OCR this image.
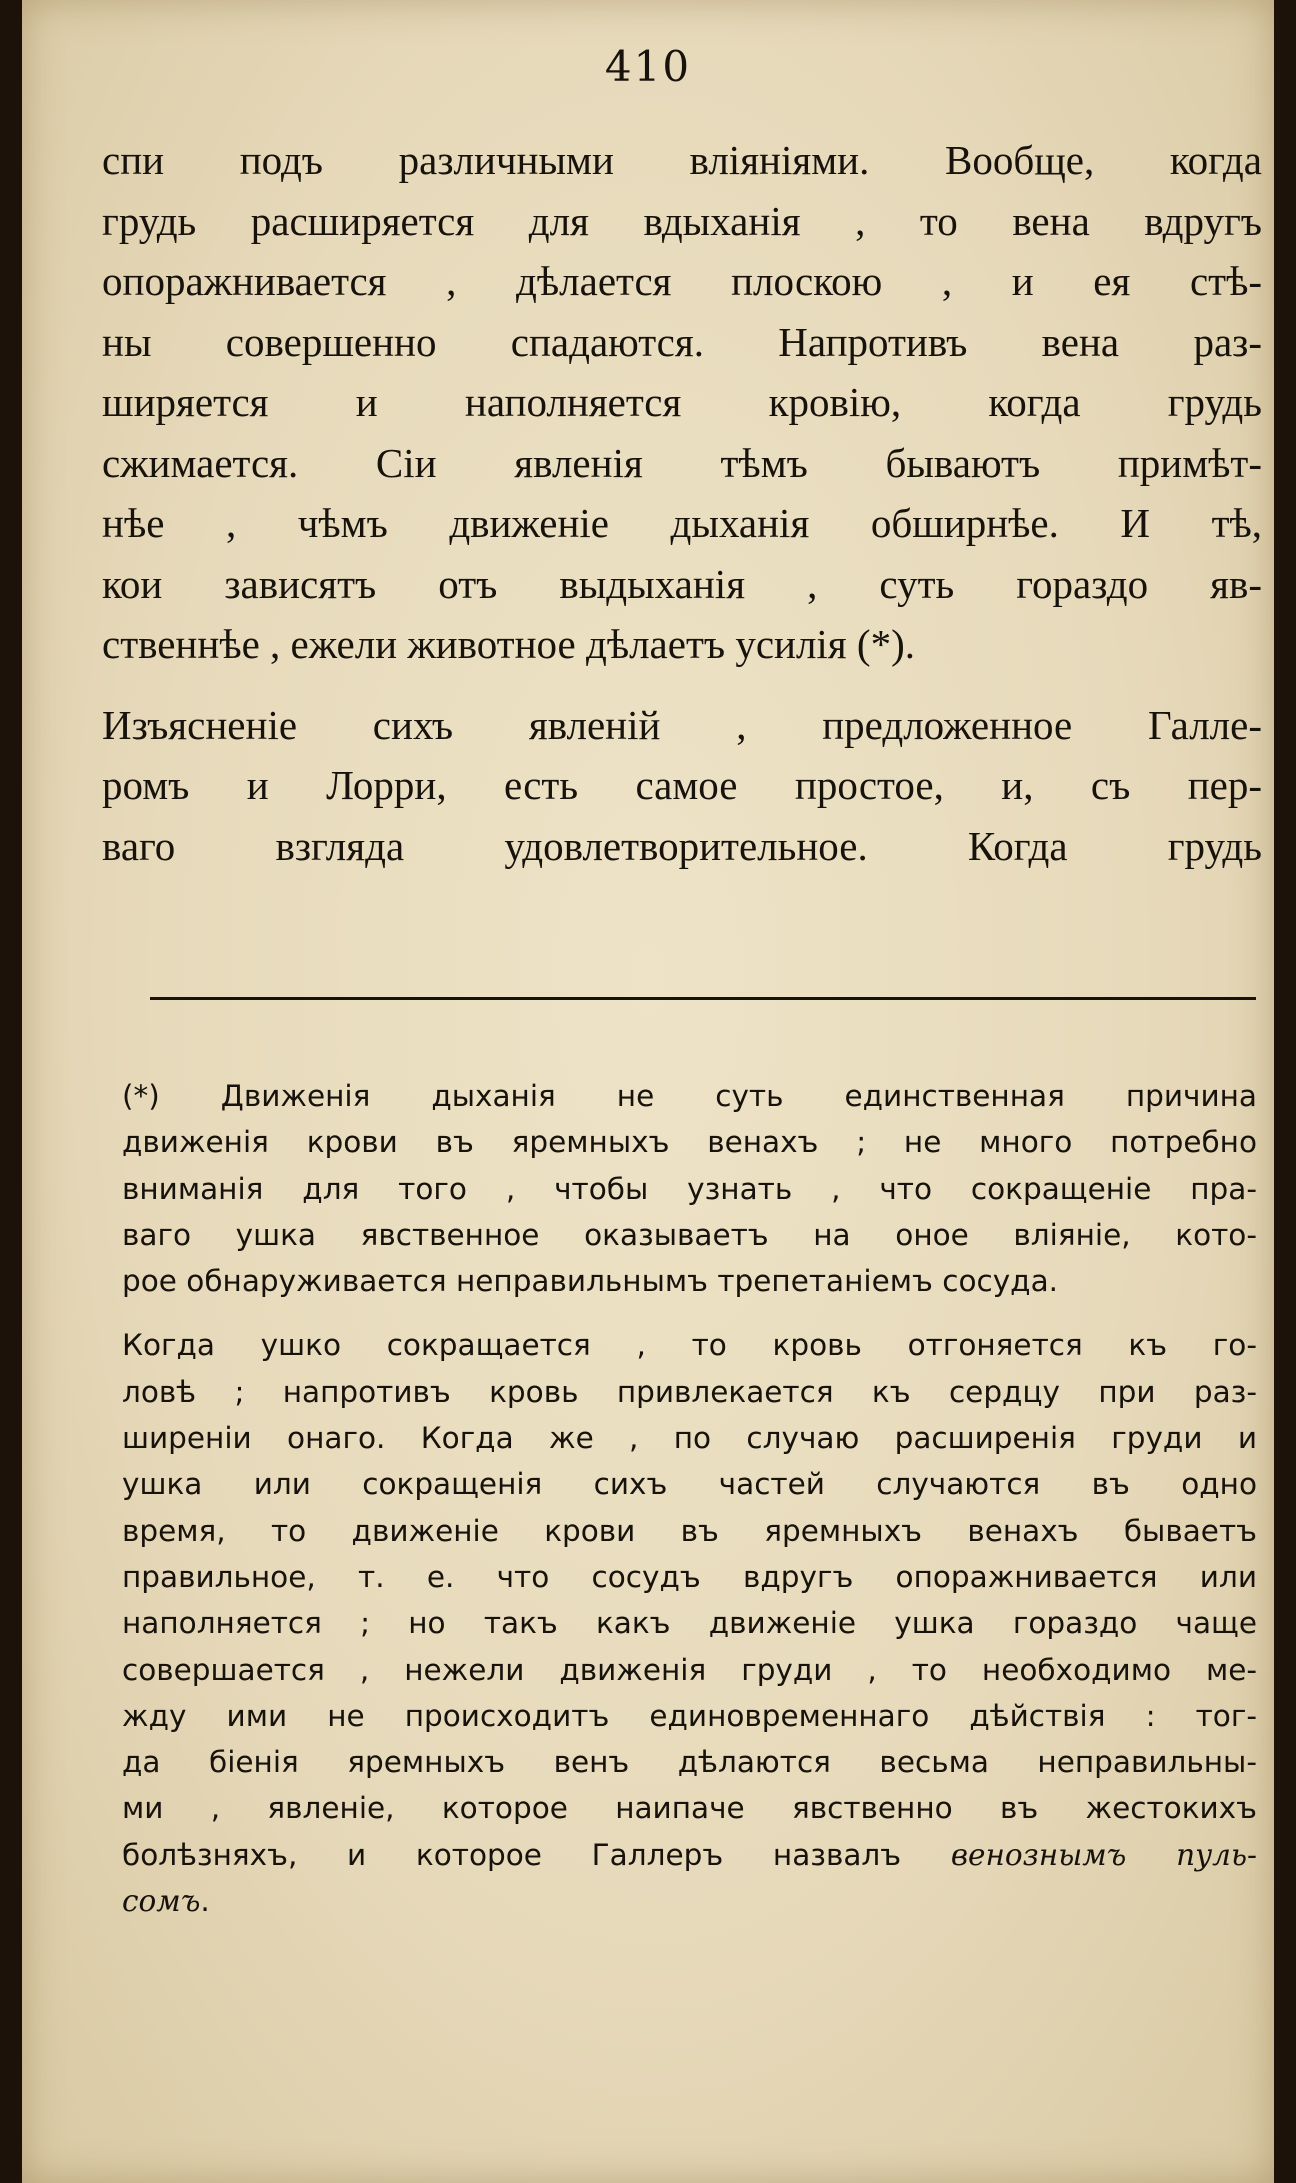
410

спи подъ различными вліяніями. Вообще, когда
грудь расширяется для вдыханія , то вена вдругъ
опоражнивается , дѣлается плоскою , и ея стѣ-
ны совершенно спадаются. Напротивъ вена раз-
ширяется и наполняется кровію, когда грудь
сжимается. Сіи явленія тѣмъ бываютъ примѣт-
нѣе , чѣмъ движеніе дыханія обширнѣе. И тѣ,
кои зависятъ отъ выдыханія , суть гораздо яв-
ственнѣе , ежели животное дѣлаетъ усилія (*).

Изъясненіе сихъ явленій , предложенное Галле-
ромъ и Лорри, есть самое простое, и, съ пер-
ваго взгляда удовлетворительное. Когда грудь

(*) Движенія дыханія не суть единственная причина
движенія крови въ яремныхъ венахъ ; не много потребно
вниманія для того , чтобы узнать , что сокращеніе пра-
ваго ушка явственное оказываетъ на оное вліяніе, кото-
рое обнаруживается неправильнымъ трепетаніемъ сосуда.

Когда ушко сокращается , то кровь отгоняется къ го-
ловѣ ; напротивъ кровь привлекается къ сердцу при раз-
ширеніи онаго. Когда же , по случаю расширенія груди и
ушка или сокращенія сихъ частей случаются въ одно
время, то движеніе крови въ яремныхъ венахъ бываетъ
правильное, т. е. что сосудъ вдругъ опоражнивается или
наполняется ; но такъ какъ движеніе ушка гораздо чаще
совершается , нежели движенія груди , то необходимо ме-
жду ими не происходитъ единовременнаго дѣйствія : тог-
да біенія яремныхъ венъ дѣлаются весьма неправильны-
ми , явленіе, которое наипаче явственно въ жестокихъ
болѣзняхъ, и которое Галлеръ назвалъ венознымъ пуль-
сомъ.
